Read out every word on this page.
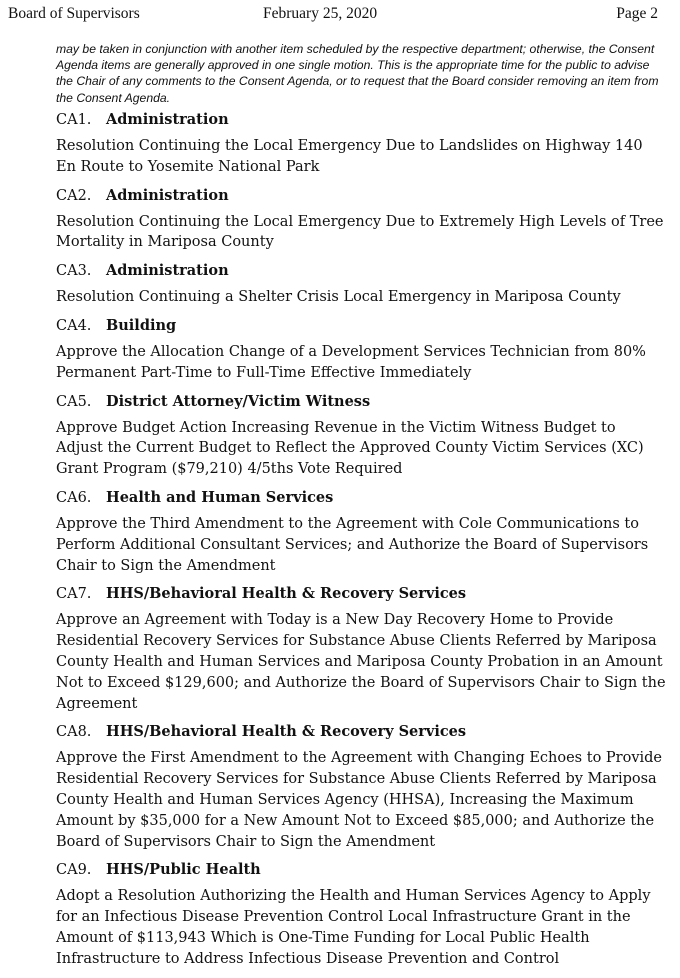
Board of Supervisors	February 25, 2020	Page 2

may be taken in conjunction with another item scheduled by the respective department; otherwise, the Consent Agenda items are generally approved in one single motion. This is the appropriate time for the public to advise the Chair of any comments to the Consent Agenda, or to request that the Board consider removing an item from the Consent Agenda.

CA1. Administration

Resolution Continuing the Local Emergency Due to Landslides on Highway 140 En Route to Yosemite National Park

CA2. Administration

Resolution Continuing the Local Emergency Due to Extremely High Levels of Tree Mortality in Mariposa County

CA3. Administration

Resolution Continuing a Shelter Crisis Local Emergency in Mariposa County

CA4. Building

Approve the Allocation Change of a Development Services Technician from 80% Permanent Part-Time to Full-Time Effective Immediately

CA5. District Attorney/Victim Witness

Approve Budget Action Increasing Revenue in the Victim Witness Budget to Adjust the Current Budget to Reflect the Approved County Victim Services (XC) Grant Program ($79,210) 4/5ths Vote Required

CA6. Health and Human Services

Approve the Third Amendment to the Agreement with Cole Communications to Perform Additional Consultant Services; and Authorize the Board of Supervisors Chair to Sign the Amendment

CA7. HHS/Behavioral Health & Recovery Services

Approve an Agreement with Today is a New Day Recovery Home to Provide Residential Recovery Services for Substance Abuse Clients Referred by Mariposa County Health and Human Services and Mariposa County Probation in an Amount Not to Exceed $129,600; and Authorize the Board of Supervisors Chair to Sign the Agreement

CA8. HHS/Behavioral Health & Recovery Services

Approve the First Amendment to the Agreement with Changing Echoes to Provide Residential Recovery Services for Substance Abuse Clients Referred by Mariposa County Health and Human Services Agency (HHSA), Increasing the Maximum Amount by $35,000 for a New Amount Not to Exceed $85,000; and Authorize the Board of Supervisors Chair to Sign the Amendment

CA9. HHS/Public Health

Adopt a Resolution Authorizing the Health and Human Services Agency to Apply for an Infectious Disease Prevention Control Local Infrastructure Grant in the Amount of $113,943 Which is One-Time Funding for Local Public Health Infrastructure to Address Infectious Disease Prevention and Control
